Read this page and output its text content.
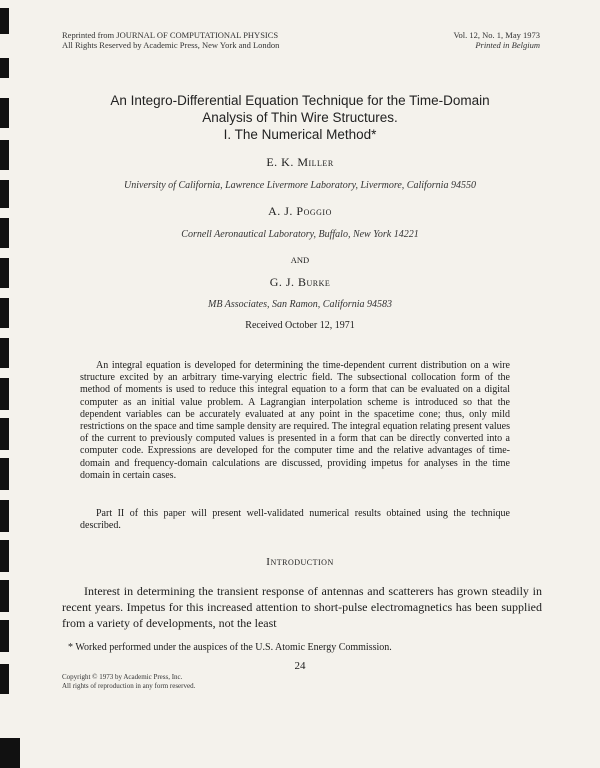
Reprinted from JOURNAL OF COMPUTATIONAL PHYSICS
All Rights Reserved by Academic Press, New York and London
Vol. 12, No. 1, May 1973
Printed in Belgium
An Integro-Differential Equation Technique for the Time-Domain
Analysis of Thin Wire Structures.
I. The Numerical Method*
E. K. Miller
University of California, Lawrence Livermore Laboratory, Livermore, California 94550
A. J. Poggio
Cornell Aeronautical Laboratory, Buffalo, New York 14221
AND
G. J. Burke
MB Associates, San Ramon, California 94583
Received October 12, 1971
An integral equation is developed for determining the time-dependent current distribution on a wire structure excited by an arbitrary time-varying electric field. The subsectional collocation form of the method of moments is used to reduce this integral equation to a form that can be evaluated on a digital computer as an initial value problem. A Lagrangian interpolation scheme is introduced so that the dependent variables can be accurately evaluated at any point in the spacetime cone; thus, only mild restrictions on the space and time sample density are required. The integral equation relating present values of the current to previously computed values is presented in a form that can be directly converted into a computer code. Expressions are developed for the computer time and the relative advantages of time-domain and frequency-domain calculations are discussed, providing impetus for analyses in the time domain in certain cases.
Part II of this paper will present well-validated numerical results obtained using the technique described.
Introduction
Interest in determining the transient response of antennas and scatterers has grown steadily in recent years. Impetus for this increased attention to short-pulse electromagnetics has been supplied from a variety of developments, not the least
* Worked performed under the auspices of the U.S. Atomic Energy Commission.
24
Copyright © 1973 by Academic Press, Inc.
All rights of reproduction in any form reserved.
